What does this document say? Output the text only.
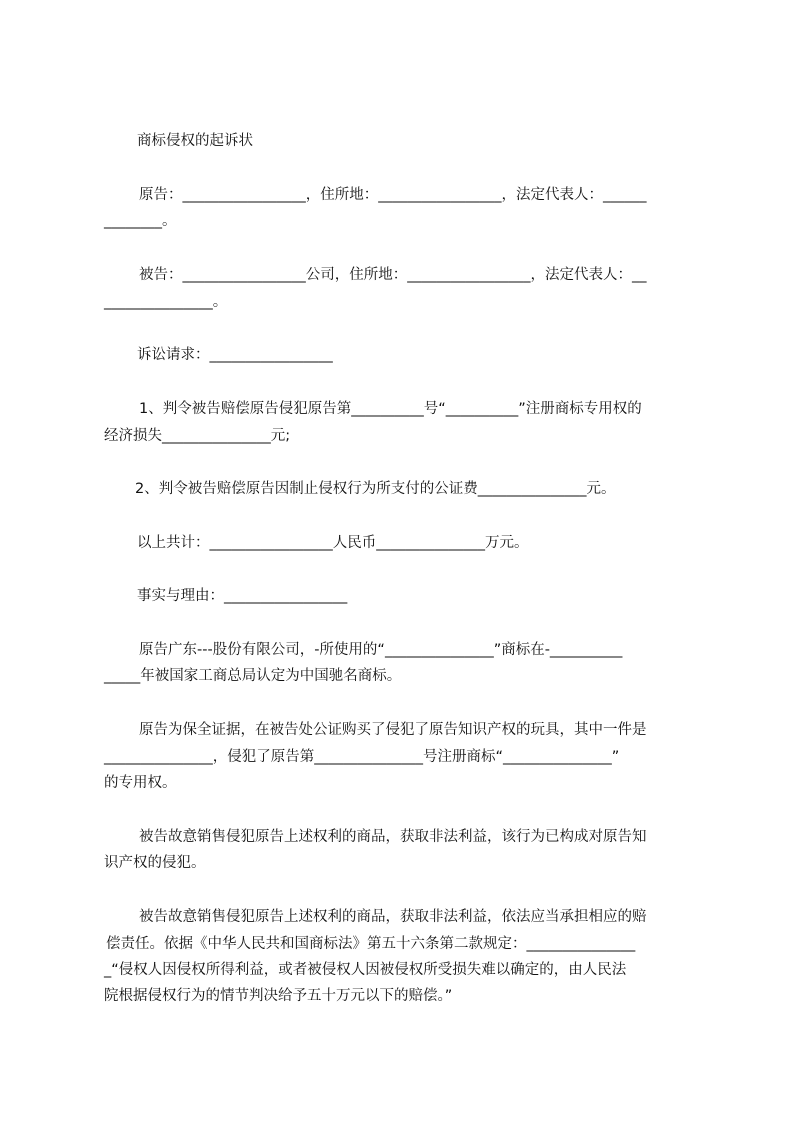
商标侵权的起诉状
原告：_________________，住所地：_________________，法定代表人：______
________。
被告：_________________公司，住所地：_________________，法定代表人：__
_______________。
诉讼请求：_________________
1、判令被告赔偿原告侵犯原告第__________号“__________”注册商标专用权的
经济损失_______________元;
2、判令被告赔偿原告因制止侵权行为所支付的公证费_______________元。
以上共计：_________________人民币_______________万元。
事实与理由：_________________
原告广东---股份有限公司，-所使用的“_______________”商标在-__________
_____年被国家工商总局认定为中国驰名商标。
原告为保全证据，在被告处公证购买了侵犯了原告知识产权的玩具，其中一件是
_______________，侵犯了原告第_______________号注册商标“_______________”
的专用权。
被告故意销售侵犯原告上述权利的商品，获取非法利益，该行为已构成对原告知
识产权的侵犯。
被告故意销售侵犯原告上述权利的商品，获取非法利益，依法应当承担相应的赔
偿责任。依据《中华人民共和国商标法》第五十六条第二款规定：_______________
_“侵权人因侵权所得利益，或者被侵权人因被侵权所受损失难以确定的，由人民法
院根据侵权行为的情节判决给予五十万元以下的赔偿。”
